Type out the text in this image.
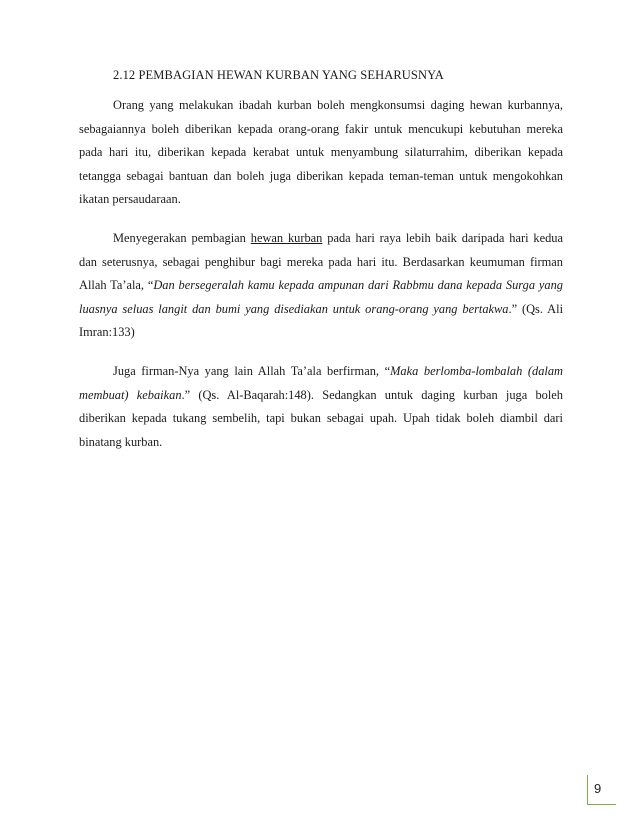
2.12 PEMBAGIAN HEWAN KURBAN YANG SEHARUSNYA

Orang yang melakukan ibadah kurban boleh mengkonsumsi daging hewan kurbannya, sebagaiannya boleh diberikan kepada orang-orang fakir untuk mencukupi kebutuhan mereka pada hari itu, diberikan kepada kerabat untuk menyambung silaturrahim, diberikan kepada tetangga sebagai bantuan dan boleh juga diberikan kepada teman-teman untuk mengokohkan ikatan persaudaraan.

Menyegerakan pembagian hewan kurban pada hari raya lebih baik daripada hari kedua dan seterusnya, sebagai penghibur bagi mereka pada hari itu. Berdasarkan keumuman firman Allah Ta’ala, “Dan bersegeralah kamu kepada ampunan dari Rabbmu dana kepada Surga yang luasnya seluas langit dan bumi yang disediakan untuk orang-orang yang bertakwa.” (Qs. Ali Imran:133)

Juga firman-Nya yang lain Allah Ta’ala berfirman, “Maka berlomba-lombalah (dalam membuat) kebaikan.” (Qs. Al-Baqarah:148). Sedangkan untuk daging kurban juga boleh diberikan kepada tukang sembelih, tapi bukan sebagai upah. Upah tidak boleh diambil dari binatang kurban.

9
